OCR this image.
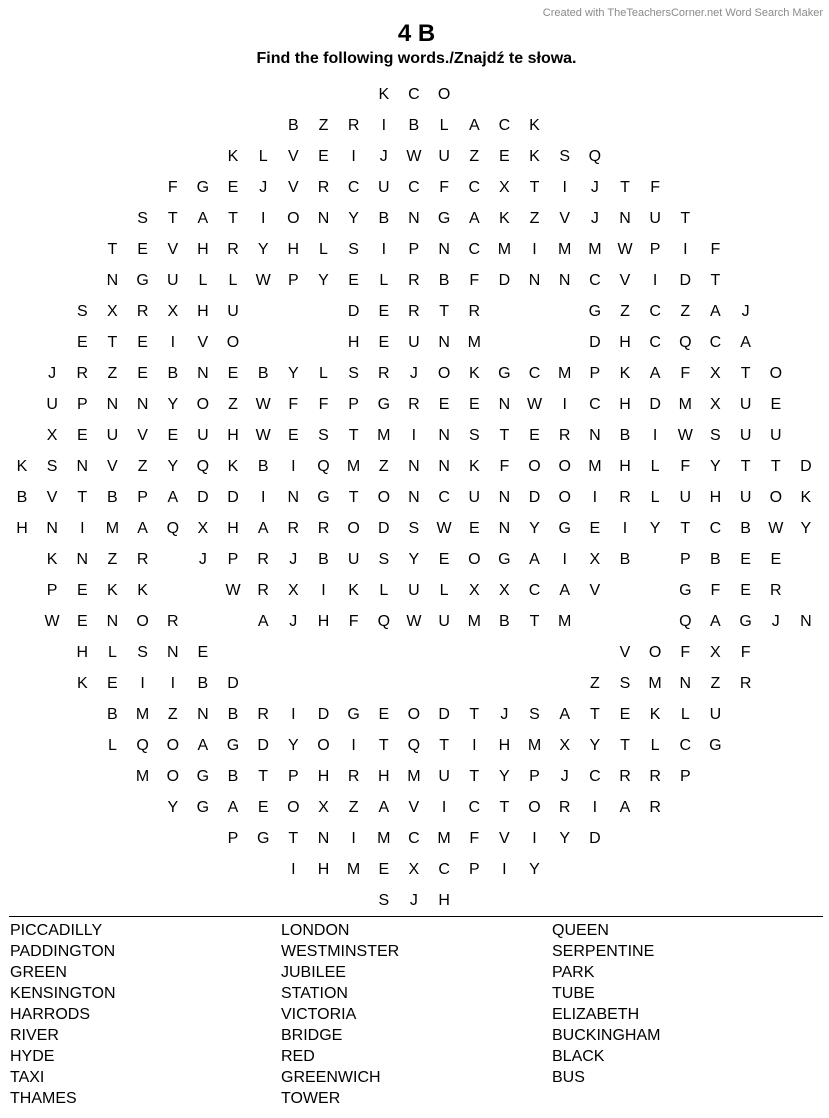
Created with TheTeachersCorner.net Word Search Maker
4 B
Find the following words./Znajdź te słowa.
K	C	O
B	Z	R	I	B	L	A	C	K
K	L	V	E	I	J	W	U	Z	E	K	S	Q
F	G	E	J	V	R	C	U	C	F	C	X	T	I	J	T	F
S	T	A	T	I	O	N	Y	B	N	G	A	K	Z	V	J	N	U	T
T	E	V	H	R	Y	H	L	S	I	P	N	C	M	I	M	M W	P	I	F
N	G	U	L	L	W	P	Y	E	L	R	B	F	D	N	N	C	V	I	D	T
S	X	R	X	H	U	D	E	R	T	R	G	Z	C	Z	A	J
E	T	E	I	V	O	H	E	U	N	M	D	H	C	Q	C	A
J	R	Z	E	B	N	E	B	Y	L	S	R	J	O	K	G	C	M	P	K	A	F	X	T	O
U	P	N	N	Y	O	Z	W	F	F	P	G	R	E	E	N	W	I	C	H	D	M	X	U	E
X	E	U	V	E	U	H	W	E	S	T	M	I	N	S	T	E	R	N	B	I	W	S	U	U
K	S	N	V	Z	Y	Q	K	B	I	Q	M	Z	N	N	K	F	O	O	M	H	L	F	Y	T	T	D
B	V	T	B	P	A	D	D	I	N	G	T	O	N	C	U	N	D	O	I	R	L	U	H	U	O	K
H	N	I	M	A	Q	X	H	A	R	R	O	D	S	W	E	N	Y	G	E	I	Y	T	C	B	W	Y
K	N	Z	R	J	P	R	J	B	U	S	Y	E	O	G	A	I	X	B	P	B	E	E
P	E	K	K	W	R	X	I	K	L	U	L	X	X	C	A	V	G	F	E	R
W	E	N	O	R	A	J	H	F	Q	W	U	M	B	T	M	Q	A	G	J	N
H	L	S	N	E	V	O	F	X	F
K	E	I	I	B	D	Z	S	M	N	Z	R
B	M	Z	N	B	R	I	D	G	E	O	D	T	J	S	A	T	E	K	L	U
L	Q	O	A	G	D	Y	O	I	T	Q	T	I	H	M	X	Y	T	L	C	G
M	O	G	B	T	P	H	R	H	M	U	T	Y	P	J	C	R	R	P
Y	G	A	E	O	X	Z	A	V	I	C	T	O	R	I	A	R
P	G	T	N	I	M	C	M	F	V	I	Y	D
I	H	M	E	X	C	P	I	Y
S	J	H
PICCADILLY
PADDINGTON
GREEN
KENSINGTON
HARRODS
RIVER
HYDE
TAXI
THAMES
LONDON
WESTMINSTER
JUBILEE
STATION
VICTORIA
BRIDGE
RED
GREENWICH
TOWER
QUEEN
SERPENTINE
PARK
TUBE
ELIZABETH
BUCKINGHAM
BLACK
BUS
